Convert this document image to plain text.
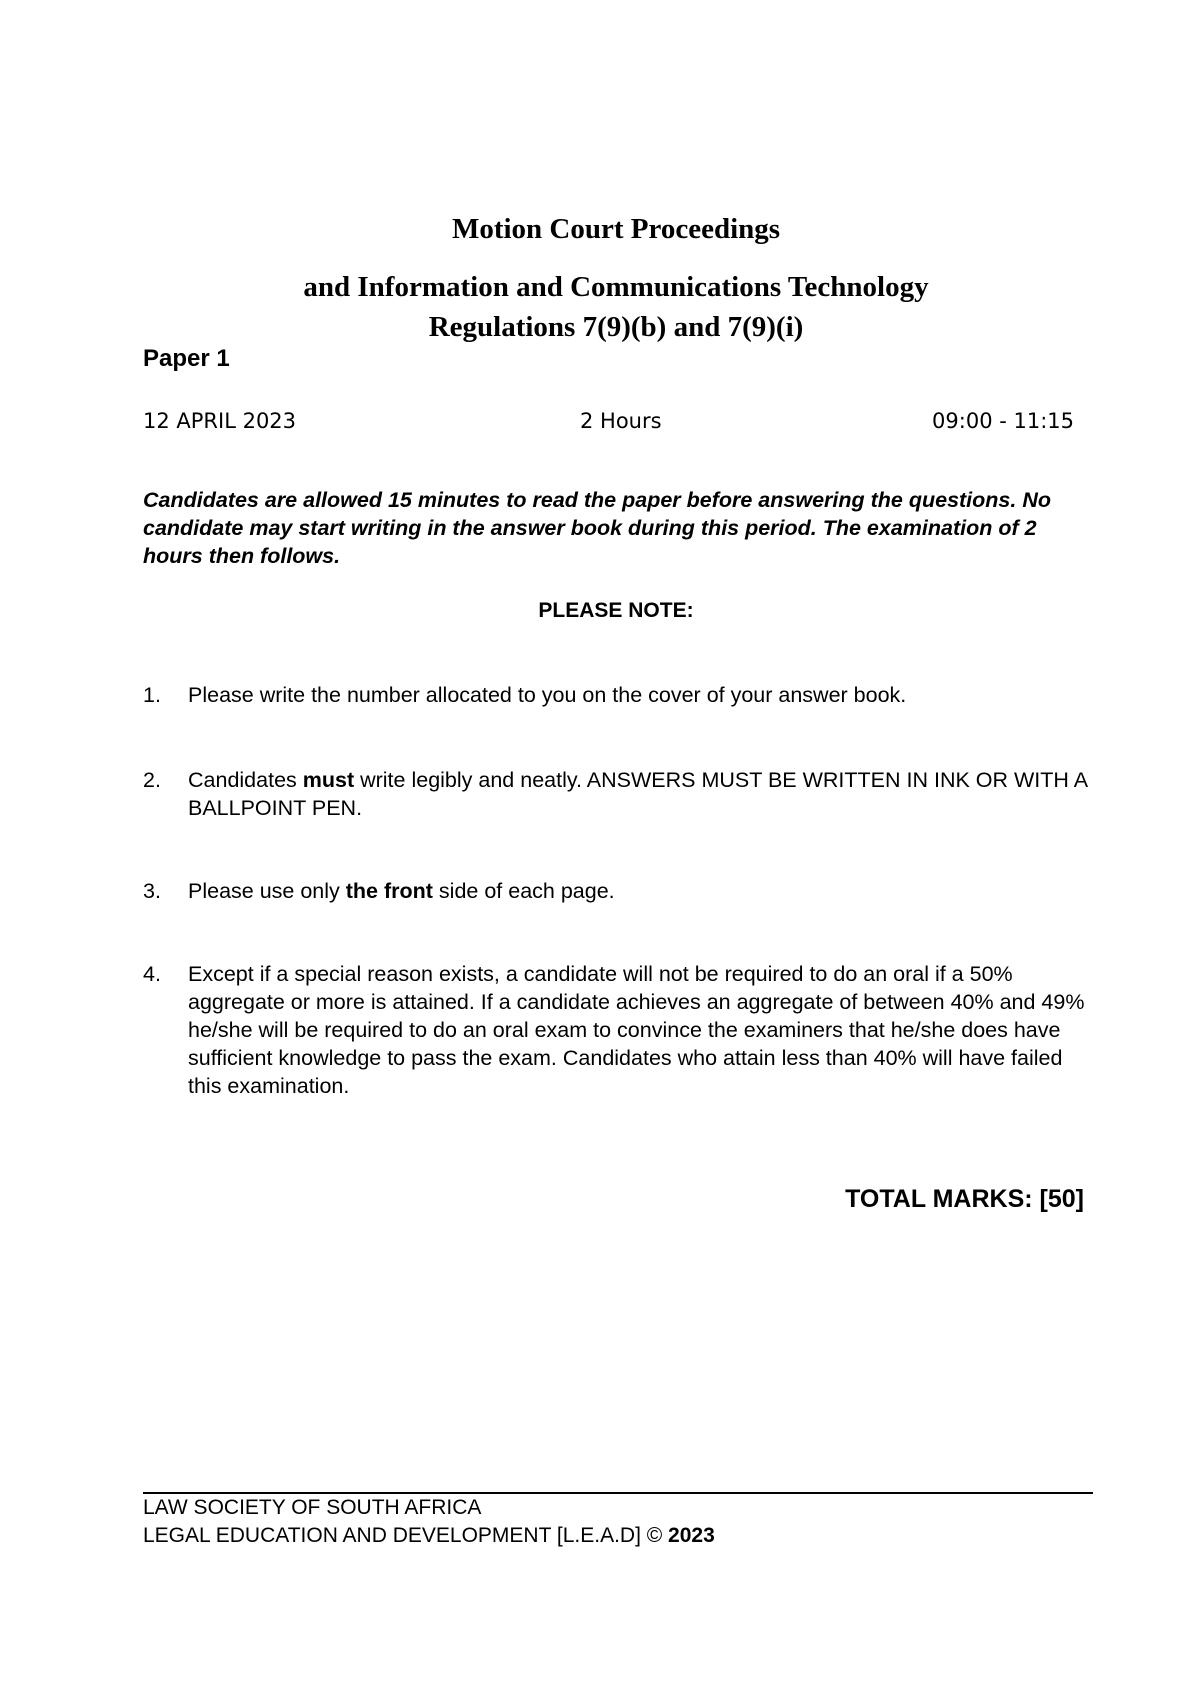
Motion Court Proceedings
and Information and Communications Technology
Regulations 7(9)(b) and 7(9)(i)
Paper 1
12 APRIL 2023	2 Hours	09:00 - 11:15
Candidates are allowed 15 minutes to read the paper before answering the questions. No candidate may start writing in the answer book during this period. The examination of 2 hours then follows.
PLEASE NOTE:
1. Please write the number allocated to you on the cover of your answer book.
2. Candidates must write legibly and neatly. ANSWERS MUST BE WRITTEN IN INK OR WITH A BALLPOINT PEN.
3. Please use only the front side of each page.
4. Except if a special reason exists, a candidate will not be required to do an oral if a 50% aggregate or more is attained. If a candidate achieves an aggregate of between 40% and 49% he/she will be required to do an oral exam to convince the examiners that he/she does have sufficient knowledge to pass the exam. Candidates who attain less than 40% will have failed this examination.
TOTAL MARKS: [50]
LAW SOCIETY OF SOUTH AFRICA
LEGAL EDUCATION AND DEVELOPMENT [L.E.A.D] © 2023
